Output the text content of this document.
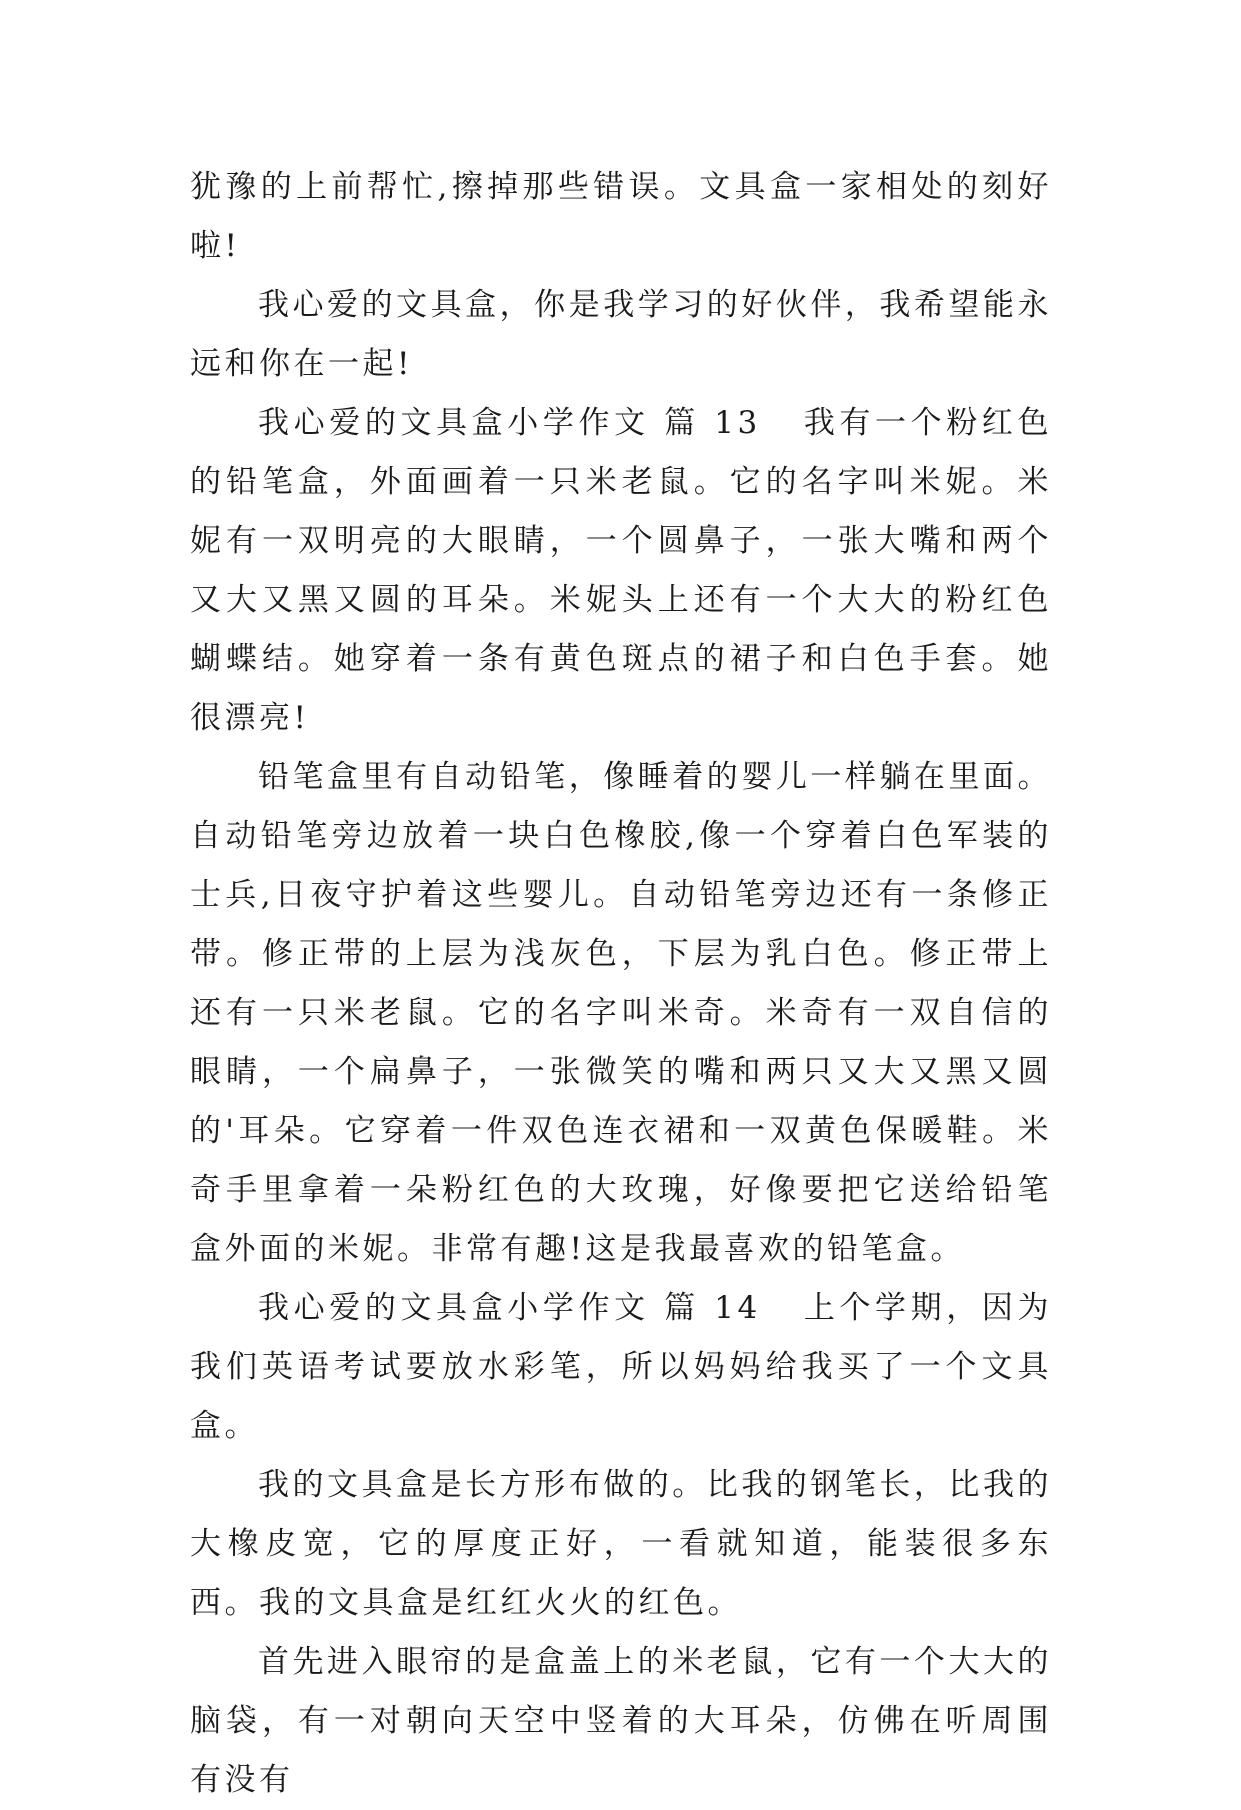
犹豫的上前帮忙,擦掉那些错误。文具盒一家相处的刻好啦!

我心爱的文具盒，你是我学习的好伙伴，我希望能永远和你在一起!

我心爱的文具盒小学作文 篇 13 我有一个粉红色的铅笔盒，外面画着一只米老鼠。它的名字叫米妮。米妮有一双明亮的大眼睛，一个圆鼻子，一张大嘴和两个又大又黑又圆的耳朵。米妮头上还有一个大大的粉红色蝴蝶结。她穿着一条有黄色斑点的裙子和白色手套。她很漂亮!

铅笔盒里有自动铅笔，像睡着的婴儿一样躺在里面。自动铅笔旁边放着一块白色橡胶,像一个穿着白色军装的士兵,日夜守护着这些婴儿。自动铅笔旁边还有一条修正带。修正带的上层为浅灰色，下层为乳白色。修正带上还有一只米老鼠。它的名字叫米奇。米奇有一双自信的眼睛，一个扁鼻子，一张微笑的嘴和两只又大又黑又圆的'耳朵。它穿着一件双色连衣裙和一双黄色保暖鞋。米奇手里拿着一朵粉红色的大玫瑰，好像要把它送给铅笔盒外面的米妮。非常有趣!这是我最喜欢的铅笔盒。

我心爱的文具盒小学作文 篇 14 上个学期，因为我们英语考试要放水彩笔，所以妈妈给我买了一个文具盒。

我的文具盒是长方形布做的。比我的钢笔长，比我的大橡皮宽，它的厚度正好，一看就知道，能装很多东西。我的文具盒是红红火火的红色。

首先进入眼帘的是盒盖上的米老鼠，它有一个大大的脑袋，有一对朝向天空中竖着的大耳朵，仿佛在听周围有没有
